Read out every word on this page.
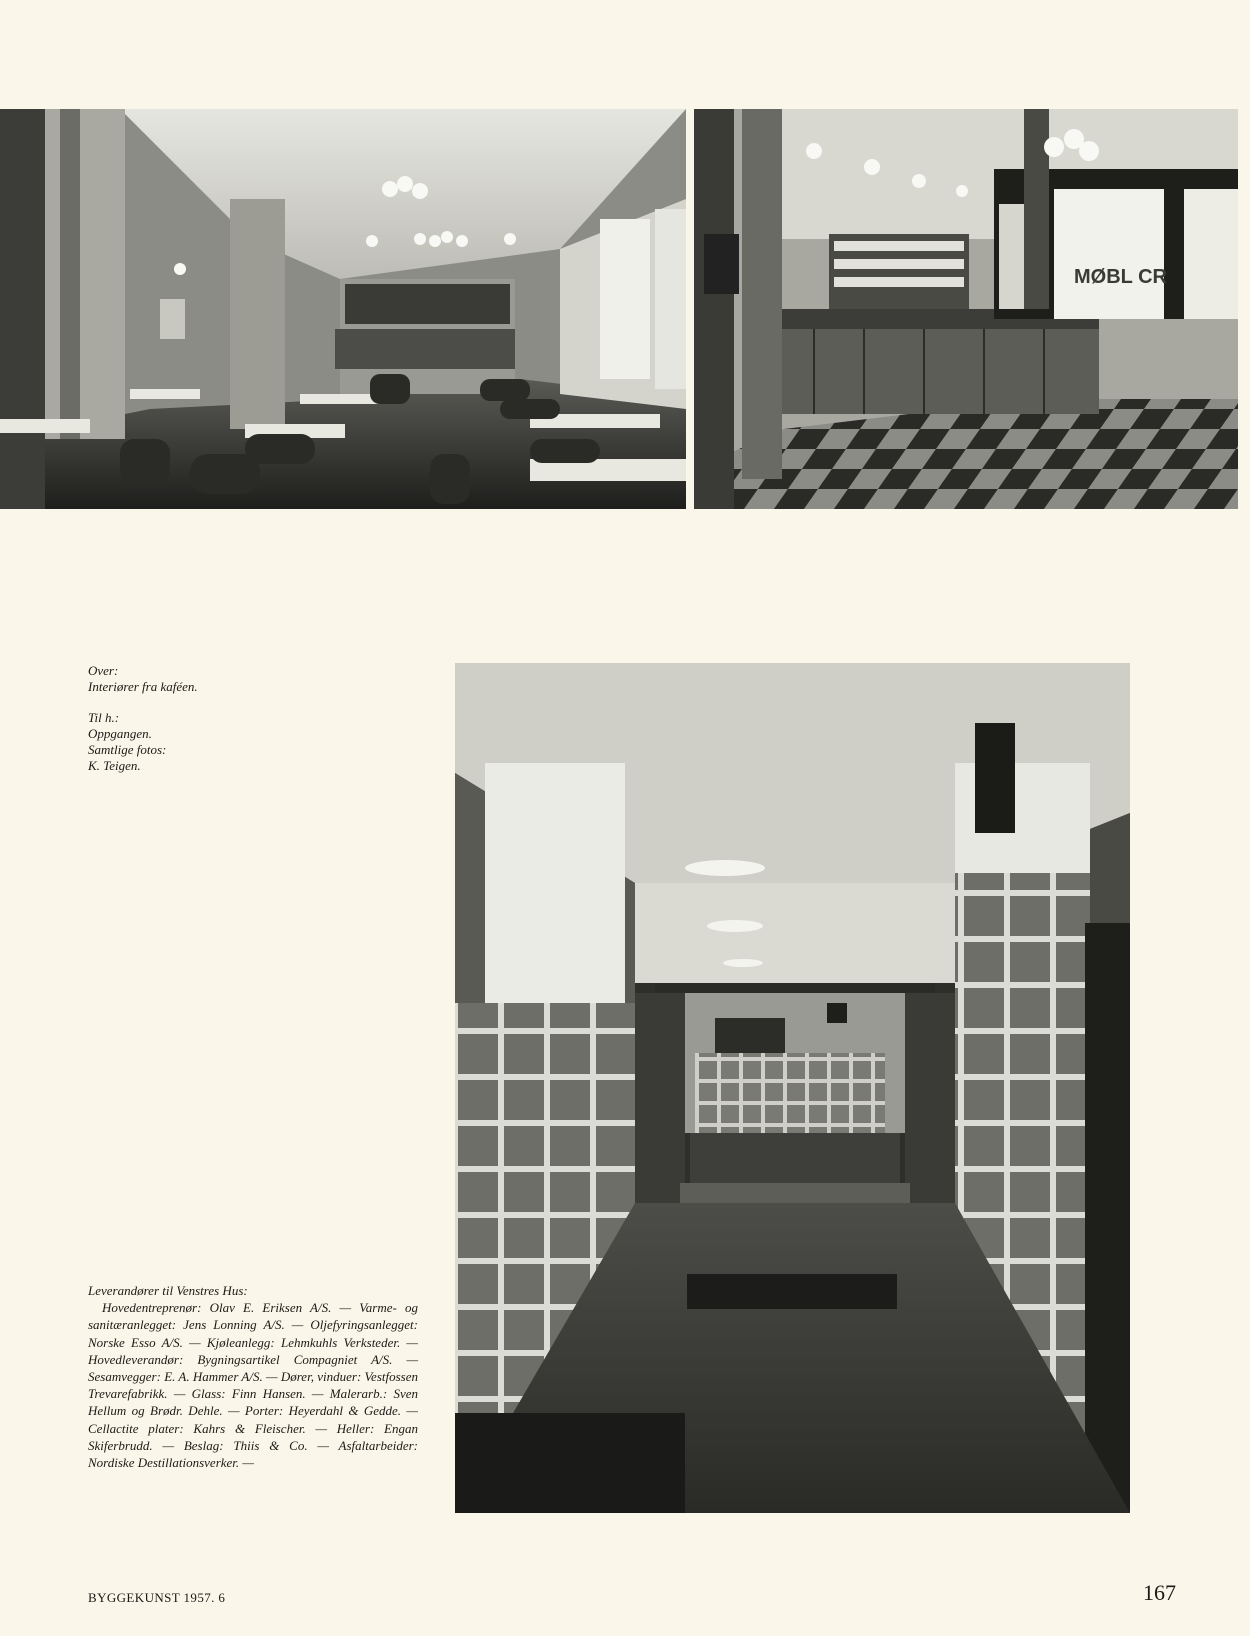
MØBL CR

Over:
Interiører fra kaféen.

Til h.:
Oppgangen.
Samtlige fotos:
K. Teigen.

Leverandører til Venstres Hus:
Hovedentreprenør: Olav E. Eriksen A/S. — Varme- og sanitæranlegget: Jens Lonning A/S. — Oljefyringsanlegget: Norske Esso A/S. — Kjøleanlegg: Lehmkuhls Verksteder. — Hovedleverandør: Bygningsartikel Compagniet A/S. — Sesamvegger: E. A. Hammer A/S. — Dører, vinduer: Vestfossen Trevarefabrikk. — Glass: Finn Hansen. — Malerarb.: Sven Hellum og Brødr. Dehle. — Porter: Heyerdahl & Gedde. — Cellactite plater: Kahrs & Fleischer. — Heller: Engan Skiferbrudd. — Beslag: Thiis & Co. — Asfaltarbeider: Nordiske Destillationsverker. —
BYGGEKUNST 1957. 6	167
